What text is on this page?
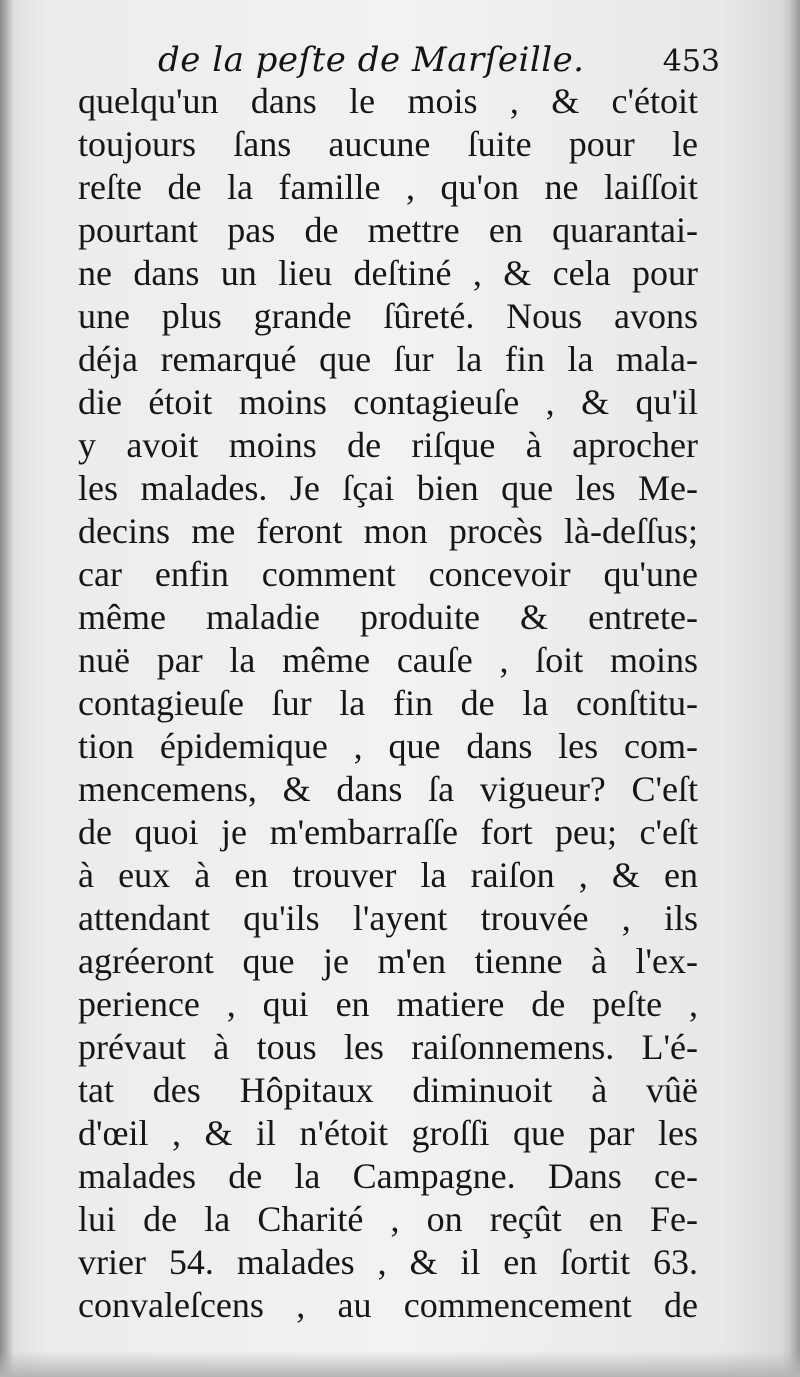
de la peſte de Marſeille.	453
quelqu'un dans le mois , & c'étoit
toujours ſans aucune ſuite pour le
reſte de la famille , qu'on ne laiſſoit
pourtant pas de mettre en quarantai-
ne dans un lieu deſtiné , & cela pour
une plus grande ſûreté. Nous avons
déja remarqué que ſur la fin la mala-
die étoit moins contagieuſe , & qu'il
y avoit moins de riſque à aprocher
les malades. Je ſçai bien que les Me-
decins me feront mon procès là-deſſus;
car enfin comment concevoir qu'une
même maladie produite & entrete-
nuë par la même cauſe , ſoit moins
contagieuſe ſur la fin de la conſtitu-
tion épidemique , que dans les com-
mencemens, & dans ſa vigueur? C'eſt
de quoi je m'embarraſſe fort peu; c'eſt
à eux à en trouver la raiſon , & en
attendant qu'ils l'ayent trouvée , ils
agréeront que je m'en tienne à l'ex-
perience , qui en matiere de peſte ,
prévaut à tous les raiſonnemens. L'é-
tat des Hôpitaux diminuoit à vûë
d'œil , & il n'étoit groſſi que par les
malades de la Campagne. Dans ce-
lui de la Charité , on reçût en Fe-
vrier 54. malades , & il en ſortit 63.
convaleſcens , au commencement de
